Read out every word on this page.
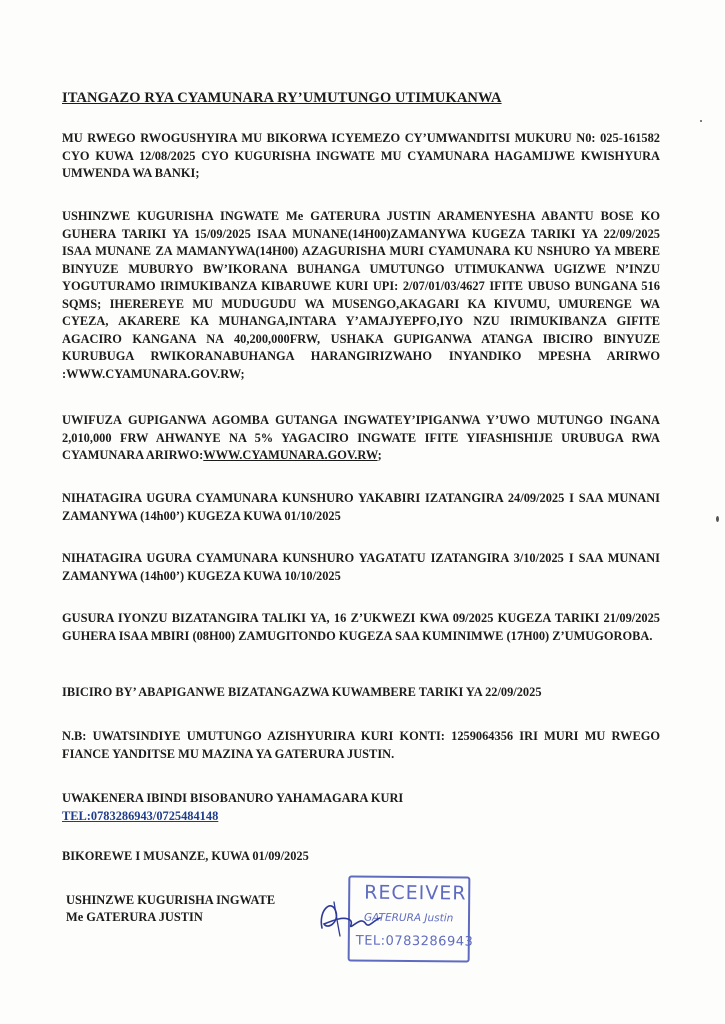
ITANGAZO RYA CYAMUNARA RY’UMUTUNGO UTIMUKANWA
MU RWEGO RWOGUSHYIRA MU BIKORWA ICYEMEZO CY’UMWANDITSI MUKURU N0: 025-161582 CYO KUWA 12/08/2025 CYO KUGURISHA INGWATE MU CYAMUNARA HAGAMIJWE KWISHYURA UMWENDA WA BANKI;
USHINZWE KUGURISHA INGWATE Me GATERURA JUSTIN ARAMENYESHA ABANTU BOSE KO GUHERA TARIKI YA 15/09/2025 ISAA MUNANE(14H00)ZAMANYWA KUGEZA TARIKI YA 22/09/2025 ISAA MUNANE ZA MAMANYWA(14H00) AZAGURISHA MURI CYAMUNARA KU NSHURO YA MBERE BINYUZE MUBURYO BW’IKORANA BUHANGA UMUTUNGO UTIMUKANWA UGIZWE N’INZU YOGUTURAMO IRIMUKIBANZA KIBARUWE KURI UPI: 2/07/01/03/4627 IFITE UBUSO BUNGANA 516 SQMS; IHEREREYE MU MUDUGUDU WA MUSENGO,AKAGARI KA KIVUMU, UMURENGE WA CYEZA, AKARERE KA MUHANGA,INTARA Y’AMAJYEPFO,IYO NZU IRIMUKIBANZA GIFITE AGACIRO KANGANA NA 40,200,000FRW, USHAKA GUPIGANWA ATANGA IBICIRO BINYUZE KURUBUGA RWIKORANABUHANGA HARANGIRIZWAHO INYANDIKO MPESHA ARIRWO :WWW.CYAMUNARA.GOV.RW;
UWIFUZA GUPIGANWA AGOMBA GUTANGA INGWATEY’IPIGANWA Y’UWO MUTUNGO INGANA 2,010,000 FRW AHWANYE NA 5% YAGACIRO INGWATE IFITE YIFASHISHIJE URUBUGA RWA CYAMUNARA ARIRWO:WWW.CYAMUNARA.GOV.RW;
NIHATAGIRA UGURA CYAMUNARA KUNSHURO YAKABIRI IZATANGIRA 24/09/2025 I SAA MUNANI ZAMANYWA (14h00’) KUGEZA KUWA 01/10/2025
NIHATAGIRA UGURA CYAMUNARA KUNSHURO YAGATATU IZATANGIRA 3/10/2025 I SAA MUNANI ZAMANYWA (14h00’) KUGEZA KUWA 10/10/2025
GUSURA IYONZU BIZATANGIRA TALIKI YA, 16 Z’UKWEZI KWA 09/2025 KUGEZA TARIKI 21/09/2025 GUHERA ISAA MBIRI (08H00) ZAMUGITONDO KUGEZA SAA KUMINIMWE (17H00) Z’UMUGOROBA.
IBICIRO BY’ ABAPIGANWE BIZATANGAZWA KUWAMBERE TARIKI YA 22/09/2025
N.B: UWATSINDIYE UMUTUNGO AZISHYURIRA KURI KONTI: 1259064356 IRI MURI MU RWEGO FIANCE YANDITSE MU MAZINA YA GATERURA JUSTIN.
UWAKENERA IBINDI BISOBANURO YAHAMAGARA KURI
TEL:0783286943/0725484148
BIKOREWE I MUSANZE, KUWA 01/09/2025
USHINZWE KUGURISHA INGWATE
Me GATERURA JUSTIN
RECEIVER
GATERURA Justin
TEL:0783286943
